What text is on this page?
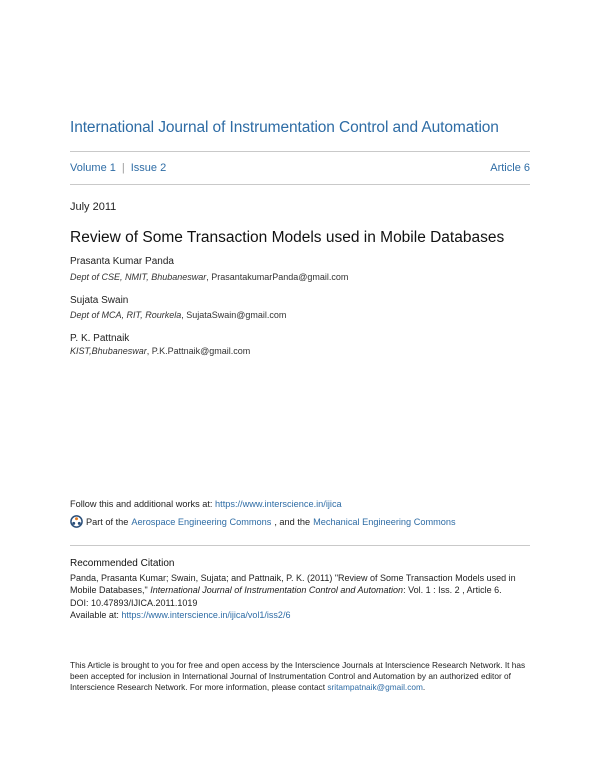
International Journal of Instrumentation Control and Automation
Volume 1 | Issue 2	Article 6
July 2011
Review of Some Transaction Models used in Mobile Databases
Prasanta Kumar Panda
Dept of CSE, NMIT, Bhubaneswar, PrasantakumarPanda@gmail.com
Sujata Swain
Dept of MCA, RIT, Rourkela, SujataSwain@gmail.com
P. K. Pattnaik
KIST,Bhubaneswar, P.K.Pattnaik@gmail.com
Follow this and additional works at: https://www.interscience.in/ijica
Part of the Aerospace Engineering Commons , and the Mechanical Engineering Commons
Recommended Citation
Panda, Prasanta Kumar; Swain, Sujata; and Pattnaik, P. K. (2011) "Review of Some Transaction Models used in Mobile Databases," International Journal of Instrumentation Control and Automation: Vol. 1 : Iss. 2 , Article 6.
DOI: 10.47893/IJICA.2011.1019
Available at: https://www.interscience.in/ijica/vol1/iss2/6
This Article is brought to you for free and open access by the Interscience Journals at Interscience Research Network. It has been accepted for inclusion in International Journal of Instrumentation Control and Automation by an authorized editor of Interscience Research Network. For more information, please contact sritampatnaik@gmail.com.
